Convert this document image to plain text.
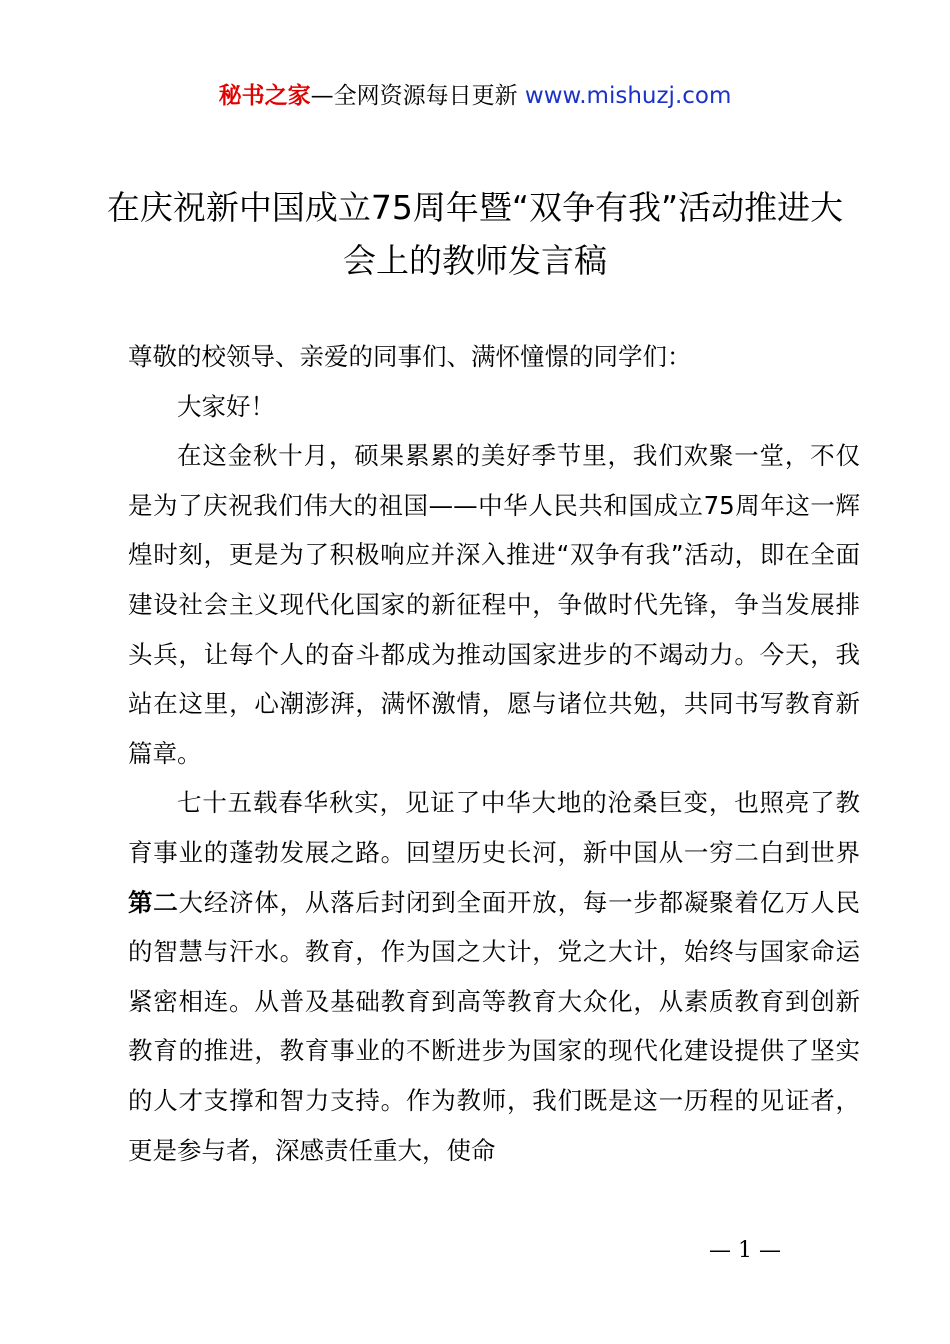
秘书之家—全网资源每日更新 www.mishuzj.com
在庆祝新中国成立75周年暨“双争有我”活动推进大会上的教师发言稿

尊敬的校领导、亲爱的同事们、满怀憧憬的同学们：

大家好！

在这金秋十月，硕果累累的美好季节里，我们欢聚一堂，不仅是为了庆祝我们伟大的祖国——中华人民共和国成立75周年这一辉煌时刻，更是为了积极响应并深入推进“双争有我”活动，即在全面建设社会主义现代化国家的新征程中，争做时代先锋，争当发展排头兵，让每个人的奋斗都成为推动国家进步的不竭动力。今天，我站在这里，心潮澎湃，满怀激情，愿与诸位共勉，共同书写教育新篇章。

七十五载春华秋实，见证了中华大地的沧桑巨变，也照亮了教育事业的蓬勃发展之路。回望历史长河，新中国从一穷二白到世界第二大经济体，从落后封闭到全面开放，每一步都凝聚着亿万人民的智慧与汗水。教育，作为国之大计，党之大计，始终与国家命运紧密相连。从普及基础教育到高等教育大众化，从素质教育到创新教育的推进，教育事业的不断进步为国家的现代化建设提供了坚实的人才支撑和智力支持。作为教师，我们既是这一历程的见证者，更是参与者，深感责任重大，使命

— 1 —
